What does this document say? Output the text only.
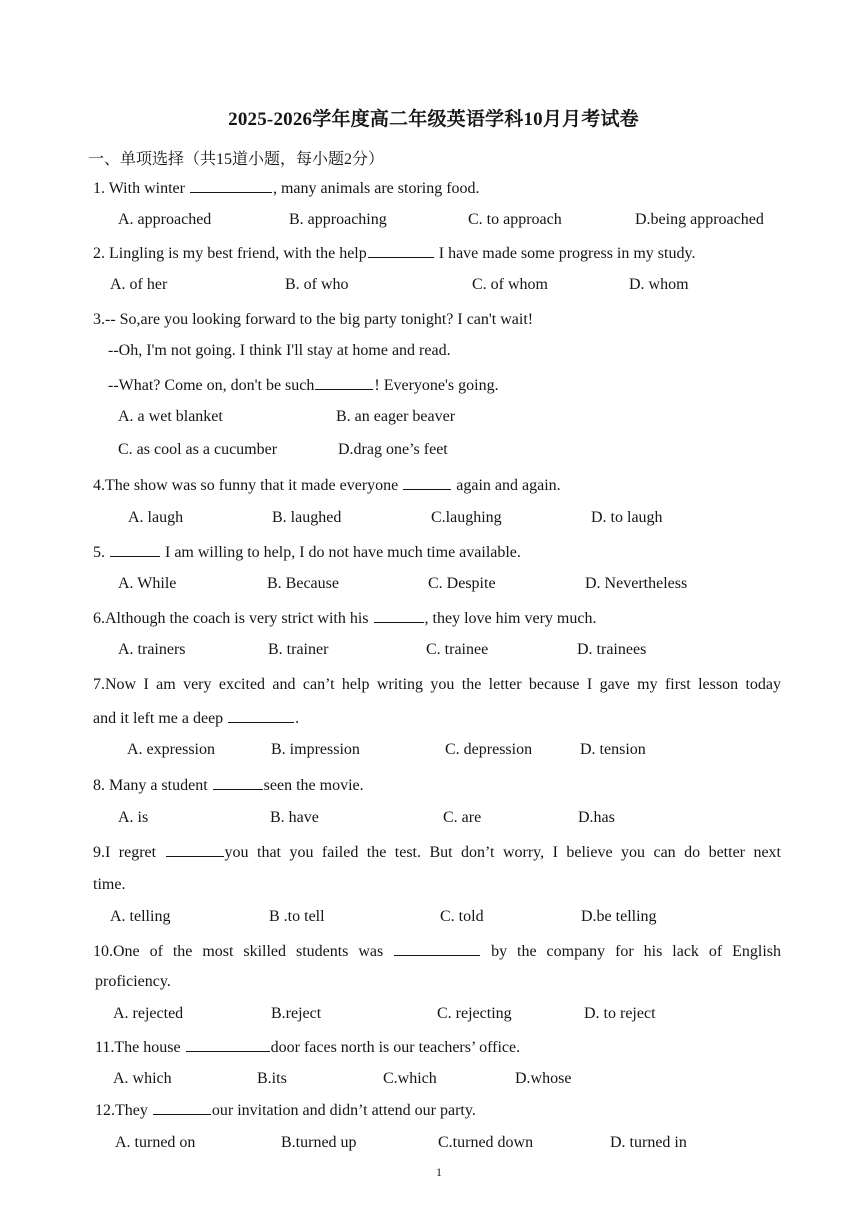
2025-2026学年度高二年级英语学科10月月考试卷
一、单项选择（共15道小题，每小题2分）
1. With winter	, many animals are storing food.
A. approached	B. approaching	C. to approach	D.being approached
2. Lingling is my best friend, with the help	I have made some progress in my study.
A. of her	B. of who	C. of whom	D. whom
3.-- So,are you looking forward to the big party tonight? I can't wait!
--Oh, I'm not going. I think I'll stay at home and read.
--What? Come on, don't be such	! Everyone's going.
A. a wet blanket	B. an eager beaver
C. as cool as a cucumber	D.drag one’s feet
4.The show was so funny that it made everyone	again and again.
A. laugh	B. laughed	C.laughing	D. to laugh
5.	I am willing to help, I do not have much time available.
A. While	B. Because	C. Despite	D. Nevertheless
6.Although the coach is very strict with his	, they love him very much.
A. trainers	B. trainer	C. trainee	D. trainees
7.Now I am very excited and can’t help writing you the letter because I gave my first lesson today
and it left me a deep	.
A. expression	B. impression	C. depression	D. tension
8. Many a student	seen the movie.
A. is	B. have	C. are	D.has
9.I regret	you that you failed the test. But don’t worry, I believe you can do better next
time.
A. telling	B .to tell	C. told	D.be telling
10.One of the most skilled students was	by the company for his lack of English
proficiency.
A. rejected	B.reject	C. rejecting	D. to reject
11.The house	door faces north is our teachers’ office.
A. which	B.its	C.which	D.whose
12.They	our invitation and didn’t attend our party.
A. turned on	B.turned up	C.turned down	D. turned in
1
